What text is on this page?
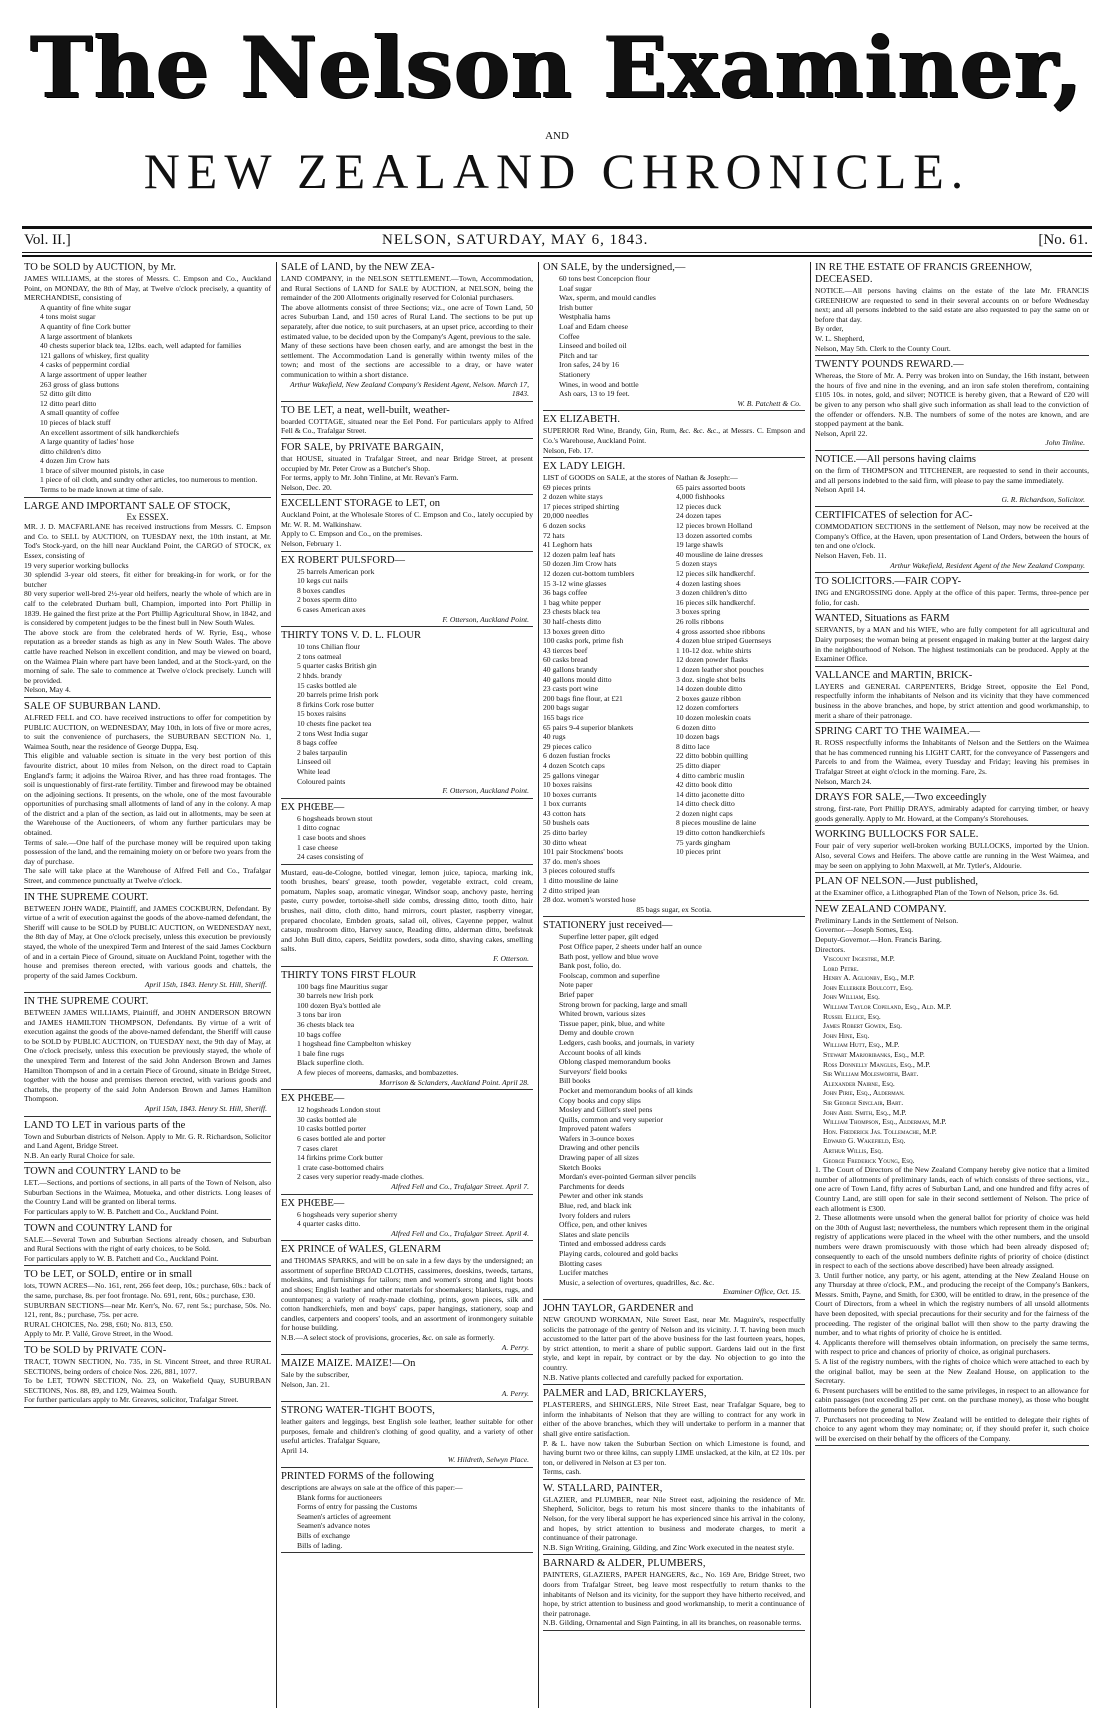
The Nelson Examiner,
AND
NEW ZEALAND CHRONICLE.
Vol. II.]	NELSON, SATURDAY, MAY 6, 1843.	[No. 61.
TO be SOLD by AUCTION, by Mr.

JAMES WILLIAMS, at the stores of Messrs. C. Empson and Co., Auckland Point, on MONDAY, the 8th of May, at Twelve o'clock precisely, a quantity of MERCHANDISE, consisting of

A quantity of fine white sugar

4 tons moist sugar

A quantity of fine Cork butter

A large assortment of blankets

40 chests superior black tea, 12lbs. each, well adapted for families

121 gallons of whiskey, first quality

4 casks of peppermint cordial

A large assortment of upper leather

263 gross of glass buttons

52 ditto gilt ditto

12 ditto pearl ditto

A small quantity of coffee

10 pieces of black stuff

An excellent assortment of silk handkerchiefs

A large quantity of ladies' hose

ditto children's ditto

4 dozen Jim Crow hats

1 brace of silver mounted pistols, in case

1 piece of oil cloth, and sundry other articles, too numerous to mention.

Terms to be made known at time of sale.

LARGE AND IMPORTANT SALE OF STOCK,

Ex ESSEX.

MR. J. D. MACFARLANE has received instructions from Messrs. C. Empson and Co. to SELL by AUCTION, on TUESDAY next, the 10th instant, at Mr. Tod's Stock-yard, on the hill near Auckland Point, the CARGO of STOCK, ex Essex, consisting of

19 very superior working bullocks

30 splendid 3-year old steers, fit either for breaking-in for work, or for the butcher

80 very superior well-bred 2½-year old heifers, nearly the whole of which are in calf to the celebrated Durham bull, Champion, imported into Port Phillip in 1839. He gained the first prize at the Port Phillip Agricultural Show, in 1842, and is considered by competent judges to be the finest bull in New South Wales.

The above stock are from the celebrated herds of W. Ryrie, Esq., whose reputation as a breeder stands as high as any in New South Wales. The above cattle have reached Nelson in excellent condition, and may be viewed on board, on the Waimea Plain where part have been landed, and at the Stock-yard, on the morning of sale. The sale to commence at Twelve o'clock precisely. Lunch will be provided.

Nelson, May 4.

SALE OF SUBURBAN LAND.

ALFRED FELL and CO. have received instructions to offer for competition by PUBLIC AUCTION, on WEDNESDAY, May 10th, in lots of five or more acres, to suit the convenience of purchasers, the SUBURBAN SECTION No. 1, Waimea South, near the residence of George Duppa, Esq.

This eligible and valuable section is situate in the very best portion of this favourite district, about 10 miles from Nelson, on the direct road to Captain England's farm; it adjoins the Wairoa River, and has three road frontages. The soil is unquestionably of first-rate fertility. Timber and firewood may be obtained on the adjoining sections. It presents, on the whole, one of the most favourable opportunities of purchasing small allotments of land of any in the colony. A map of the district and a plan of the section, as laid out in allotments, may be seen at the Warehouse of the Auctioneers, of whom any further particulars may be obtained.

Terms of sale.—One half of the purchase money will be required upon taking possession of the land, and the remaining moiety on or before two years from the day of purchase.

The sale will take place at the Warehouse of Alfred Fell and Co., Trafalgar Street, and commence punctually at Twelve o'clock.

IN THE SUPREME COURT.

BETWEEN JOHN WADE, Plaintiff, and JAMES COCKBURN, Defendant. By virtue of a writ of execution against the goods of the above-named defendant, the Sheriff will cause to be SOLD by PUBLIC AUCTION, on WEDNESDAY next, the 8th day of May, at One o'clock precisely, unless this execution be previously stayed, the whole of the unexpired Term and Interest of the said James Cockburn of and in a certain Piece of Ground, situate on Auckland Point, together with the house and premises thereon erected, with various goods and chattels, the property of the said James Cockburn.

April 15th, 1843. Henry St. Hill, Sheriff.

IN THE SUPREME COURT.

BETWEEN JAMES WILLIAMS, Plaintiff, and JOHN ANDERSON BROWN and JAMES HAMILTON THOMPSON, Defendants. By virtue of a writ of execution against the goods of the above-named defendant, the Sheriff will cause to be SOLD by PUBLIC AUCTION, on TUESDAY next, the 9th day of May, at One o'clock precisely, unless this execution be previously stayed, the whole of the unexpired Term and Interest of the said John Anderson Brown and James Hamilton Thompson of and in a certain Piece of Ground, situate in Bridge Street, together with the house and premises thereon erected, with various goods and chattels, the property of the said John Anderson Brown and James Hamilton Thompson.

April 15th, 1843. Henry St. Hill, Sheriff.

LAND TO LET in various parts of the

Town and Suburban districts of Nelson. Apply to Mr. G. R. Richardson, Solicitor and Land Agent, Bridge Street.

N.B. An early Rural Choice for sale.

TOWN and COUNTRY LAND to be

LET.—Sections, and portions of sections, in all parts of the Town of Nelson, also Suburban Sections in the Waimea, Motueka, and other districts. Long leases of the Country Land will be granted on liberal terms.

For particulars apply to W. B. Patchett and Co., Auckland Point.

TOWN and COUNTRY LAND for

SALE.—Several Town and Suburban Sections already chosen, and Suburban and Rural Sections with the right of early choices, to be Sold.

For particulars apply to W. B. Patchett and Co., Auckland Point.

TO be LET, or SOLD, entire or in small

lots, TOWN ACRES—No. 161, rent, 266 feet deep, 10s.; purchase, 60s.: back of the same, purchase, 8s. per foot frontage. No. 691, rent, 60s.; purchase, £30.

SUBURBAN SECTIONS—near Mr. Kerr's, No. 67, rent 5s.; purchase, 50s. No. 121, rent, 8s.; purchase, 75s. per acre.

RURAL CHOICES, No. 298, £60; No. 813, £50.

Apply to Mr. P. Vallé, Grove Street, in the Wood.

TO be SOLD by PRIVATE CON-

TRACT, TOWN SECTION, No. 735, in St. Vincent Street, and three RURAL SECTIONS, being orders of choice Nos. 226, 881, 1077.

To be LET, TOWN SECTION, No. 23, on Wakefield Quay, SUBURBAN SECTIONS, Nos. 88, 89, and 129, Waimea South.

For further particulars apply to Mr. Greaves, solicitor, Trafalgar Street.

SALE of LAND, by the NEW ZEA-

LAND COMPANY, in the NELSON SETTLEMENT.—Town, Accommodation, and Rural Sections of LAND for SALE by AUCTION, at NELSON, being the remainder of the 200 Allotments originally reserved for Colonial purchasers.

The above allotments consist of three Sections; viz., one acre of Town Land, 50 acres Suburban Land, and 150 acres of Rural Land. The sections to be put up separately, after due notice, to suit purchasers, at an upset price, according to their estimated value, to be decided upon by the Company's Agent, previous to the sale.

Many of these sections have been chosen early, and are amongst the best in the settlement. The Accommodation Land is generally within twenty miles of the town; and most of the sections are accessible to a dray, or have water communication to within a short distance.

Arthur Wakefield, New Zealand Company's Resident Agent, Nelson. March 17, 1843.

TO BE LET, a neat, well-built, weather-

boarded COTTAGE, situated near the Eel Pond. For particulars apply to Alfred Fell & Co., Trafalgar Street.

FOR SALE, by PRIVATE BARGAIN,

that HOUSE, situated in Trafalgar Street, and near Bridge Street, at present occupied by Mr. Peter Crow as a Butcher's Shop.

For terms, apply to Mr. John Tinline, at Mr. Revan's Farm.

Nelson, Dec. 20.

EXCELLENT STORAGE to LET, on

Auckland Point, at the Wholesale Stores of C. Empson and Co., lately occupied by Mr. W. R. M. Walkinshaw.

Apply to C. Empson and Co., on the premises.

Nelson, February 1.

EX ROBERT PULSFORD—

25 barrels American pork

10 kegs cut nails

8 boxes candles

2 boxes sperm ditto

6 cases American axes

F. Otterson, Auckland Point.

THIRTY TONS V. D. L. FLOUR

10 tons Chilian flour

2 tons oatmeal

5 quarter casks British gin

2 hhds. brandy

15 casks bottled ale

20 barrels prime Irish pork

8 firkins Cork rose butter

15 boxes raisins

10 chests fine packet tea

2 tons West India sugar

8 bags coffee

2 bales tarpaulin

Linseed oil

White lead

Coloured paints

F. Otterson, Auckland Point.

EX PHŒBE—

6 hogsheads brown stout

1 ditto cognac

1 case boots and shoes

1 case cheese

24 cases consisting of

Mustard, eau-de-Cologne, bottled vinegar, lemon juice, tapioca, marking ink, tooth brushes, bears' grease, tooth powder, vegetable extract, cold cream, pomatum, Naples soap, aromatic vinegar, Windsor soap, anchovy paste, herring paste, curry powder, tortoise-shell side combs, dressing ditto, tooth ditto, hair brushes, nail ditto, cloth ditto, hand mirrors, court plaster, raspberry vinegar, prepared chocolate, Embden groats, salad oil, olives, Cayenne pepper, walnut catsup, mushroom ditto, Harvey sauce, Reading ditto, alderman ditto, beefsteak and John Bull ditto, capers, Seidlitz powders, soda ditto, shaving cakes, smelling salts.

F. Otterson.

THIRTY TONS FIRST FLOUR

100 bags fine Mauritius sugar

30 barrels new Irish pork

100 dozen Bya's bottled ale

3 tons bar iron

36 chests black tea

10 bags coffee

1 hogshead fine Campbelton whiskey

1 bale fine rugs

Black superfine cloth.

A few pieces of moreens, damasks, and bombazettes.

Morrison & Sclanders, Auckland Point. April 28.

EX PHŒBE—

12 hogsheads London stout

30 casks bottled ale

10 casks bottled porter

6 cases bottled ale and porter

7 cases claret

14 firkins prime Cork butter

1 crate case-bottomed chairs

2 cases very superior ready-made clothes.

Alfred Fell and Co., Trafalgar Street. April 7.

EX PHŒBE—

6 hogsheads very superior sherry

4 quarter casks ditto.

Alfred Fell and Co., Trafalgar Street. April 4.

EX PRINCE of WALES, GLENARM

and THOMAS SPARKS, and will be on sale in a few days by the undersigned; an assortment of superfine BROAD CLOTHS, cassimeres, doeskins, tweeds, tartans, moleskins, and furnishings for tailors; men and women's strong and light boots and shoes; English leather and other materials for shoemakers; blankets, rugs, and counterpanes; a variety of ready-made clothing, prints, gown pieces, silk and cotton handkerchiefs, men and boys' caps, paper hangings, stationery, soap and candles, carpenters and coopers' tools, and an assortment of ironmongery suitable for house building.

N.B.—A select stock of provisions, groceries, &c. on sale as formerly.

A. Perry.

MAIZE MAIZE. MAIZE!—On

Sale by the subscriber,

Nelson, Jan. 21.

A. Perry.

STRONG WATER-TIGHT BOOTS,

leather gaiters and leggings, best English sole leather, leather suitable for other purposes, female and children's clothing of good quality, and a variety of other useful articles. Trafalgar Square,

April 14.

W. Hildreth, Selwyn Place.

PRINTED FORMS of the following

descriptions are always on sale at the office of this paper:—

Blank forms for auctioneers

Forms of entry for passing the Customs

Seamen's articles of agreement

Seamen's advance notes

Bills of exchange

Bills of lading.

ON SALE, by the undersigned,—

60 tons best Concepcion flour

Loaf sugar

Wax, sperm, and mould candles

Irish butter

Westphalia hams

Loaf and Edam cheese

Coffee

Linseed and boiled oil

Pitch and tar

Iron safes, 24 by 16

Stationery

Wines, in wood and bottle

Ash oars, 13 to 19 feet.

W. B. Patchett & Co.

EX ELIZABETH.

SUPERIOR Red Wine, Brandy, Gin, Rum, &c. &c. &c., at Messrs. C. Empson and Co.'s Warehouse, Auckland Point.

Nelson, Feb. 17.

EX LADY LEIGH.

LIST of GOODS on SALE, at the stores of Nathan & Joseph:—

69 pieces prints

2 dozen white stays

17 pieces striped shirting

20,000 needles

6 dozen socks

72 hats

41 Leghorn hats

12 dozen palm leaf hats

50 dozen Jim Crow hats

12 dozen cut-bottom tumblers

15 3-12 wine glasses

36 bags coffee

1 bag white pepper

23 chests black tea

30 half-chests ditto

13 boxes green ditto

100 casks pork, prime fish

43 tierces beef

60 casks bread

40 gallons brandy

40 gallons mould ditto

23 casts port wine

200 bags fine flour, at £21

200 bags sugar

165 bags rice

65 pairs 9-4 superior blankets

40 rugs

29 pieces calico

6 dozen fustian frocks

4 dozen Scotch caps

25 gallons vinegar

10 boxes raisins

10 boxes currants

1 box currants

43 cotton hats

50 bushels oats

25 ditto barley

30 ditto wheat

101 pair Stockmens' boots

37 do. men's shoes

3 pieces coloured stuffs

1 ditto mousline de laine

2 ditto striped jean

28 doz. women's worsted hose

65 pairs assorted boots

4,000 fishhooks

12 pieces duck

24 dozen tapes

12 pieces brown Holland

13 dozen assorted combs

19 large shawls

40 mousline de laine dresses

5 dozen stays

12 pieces silk handkerchf.

4 dozen lasting shoes

3 dozen children's ditto

16 pieces silk handkerchf.

3 boxes spring

26 rolls ribbons

4 gross assorted shoe ribbons

4 dozen blue striped Guernseys

1 10-12 doz. white shirts

12 dozen powder flasks

1 dozen leather shot pouches

3 doz. single shot belts

14 dozen double ditto

2 boxes gauze ribbon

12 dozen comforters

10 dozen moleskin coats

6 dozen ditto

10 dozen bags

8 ditto lace

22 ditto bobbin quilling

25 ditto diaper

4 ditto cambric muslin

42 ditto book ditto

14 ditto jaconette ditto

14 ditto check ditto

2 dozen night caps

8 pieces mousline de laine

19 ditto cotton handkerchiefs

75 yards gingham

10 pieces print

85 bags sugar, ex Scotia.

STATIONERY just received—

Superfine letter paper, gilt edged

Post Office paper, 2 sheets under half an ounce

Bath post, yellow and blue wove

Bank post, folio, do.

Foolscap, common and superfine

Note paper

Brief paper

Strong brown for packing, large and small

Whited brown, various sizes

Tissue paper, pink, blue, and white

Demy and double crown

Ledgers, cash books, and journals, in variety

Account books of all kinds

Oblong clasped memorandum books

Surveyors' field books

Bill books

Pocket and memorandum books of all kinds

Copy books and copy slips

Mosley and Gillott's steel pens

Quills, common and very superior

Improved patent wafers

Wafers in 3-ounce boxes

Drawing and other pencils

Drawing paper of all sizes

Sketch Books

Mordan's ever-pointed German silver pencils

Parchments for deeds

Pewter and other ink stands

Blue, red, and black ink

Ivory folders and rulers

Office, pen, and other knives

Slates and slate pencils

Tinted and embossed address cards

Playing cards, coloured and gold backs

Blotting cases

Lucifer matches

Music, a selection of overtures, quadrilles, &c. &c.

Examiner Office, Oct. 15.

JOHN TAYLOR, GARDENER and

NEW GROUND WORKMAN, Nile Street East, near Mr. Maguire's, respectfully solicits the patronage of the gentry of Nelson and its vicinity. J. T. having been much accustomed to the latter part of the above business for the last fourteen years, hopes, by strict attention, to merit a share of public support. Gardens laid out in the first style, and kept in repair, by contract or by the day. No objection to go into the country.

N.B. Native plants collected and carefully packed for exportation.

PALMER and LAD, BRICKLAYERS,

PLASTERERS, and SHINGLERS, Nile Street East, near Trafalgar Square, beg to inform the inhabitants of Nelson that they are willing to contract for any work in either of the above branches, which they will undertake to perform in a manner that shall give entire satisfaction.

P. & L. have now taken the Suburban Section on which Limestone is found, and having burnt two or three kilns, can supply LIME unslacked, at the kiln, at £2 10s. per ton, or delivered in Nelson at £3 per ton.

Terms, cash.

W. STALLARD, PAINTER,

GLAZIER, and PLUMBER, near Nile Street east, adjoining the residence of Mr. Shepherd, Solicitor, begs to return his most sincere thanks to the inhabitants of Nelson, for the very liberal support he has experienced since his arrival in the colony, and hopes, by strict attention to business and moderate charges, to merit a continuance of their patronage.

N.B. Sign Writing, Graining, Gilding, and Zinc Work executed in the neatest style.

BARNARD & ALDER, PLUMBERS,

PAINTERS, GLAZIERS, PAPER HANGERS, &c., No. 169 Are, Bridge Street, two doors from Trafalgar Street, beg leave most respectfully to return thanks to the inhabitants of Nelson and its vicinity, for the support they have hitherto received, and hope, by strict attention to business and good workmanship, to merit a continuance of their patronage.

N.B. Gilding, Ornamental and Sign Painting, in all its branches, on reasonable terms.

IN RE THE ESTATE OF FRANCIS GREENHOW, DECEASED.

NOTICE.—All persons having claims on the estate of the late Mr. FRANCIS GREENHOW are requested to send in their several accounts on or before Wednesday next; and all persons indebted to the said estate are also requested to pay the same on or before that day.

By order,

W. L. Shepherd,

Nelson, May 5th. Clerk to the County Court.

TWENTY POUNDS REWARD.—

Whereas, the Store of Mr. A. Perry was broken into on Sunday, the 16th instant, between the hours of five and nine in the evening, and an iron safe stolen therefrom, containing £105 10s. in notes, gold, and silver; NOTICE is hereby given, that a Reward of £20 will be given to any person who shall give such information as shall lead to the conviction of the offender or offenders. N.B. The numbers of some of the notes are known, and are stopped payment at the bank.

Nelson, April 22.

John Tinline.

NOTICE.—All persons having claims

on the firm of THOMPSON and TITCHENER, are requested to send in their accounts, and all persons indebted to the said firm, will please to pay the same immediately.

Nelson April 14.

G. R. Richardson, Solicitor.

CERTIFICATES of selection for AC-

COMMODATION SECTIONS in the settlement of Nelson, may now be received at the Company's Office, at the Haven, upon presentation of Land Orders, between the hours of ten and one o'clock.

Nelson Haven, Feb. 11.

Arthur Wakefield, Resident Agent of the New Zealand Company.

TO SOLICITORS.—FAIR COPY-

ING and ENGROSSING done. Apply at the office of this paper. Terms, three-pence per folio, for cash.

WANTED, Situations as FARM

SERVANTS, by a MAN and his WIFE, who are fully competent for all agricultural and Dairy purposes; the woman being at present engaged in making butter at the largest dairy in the neighbourhood of Nelson. The highest testimonials can be produced. Apply at the Examiner Office.

VALLANCE and MARTIN, BRICK-

LAYERS and GENERAL CARPENTERS, Bridge Street, opposite the Eel Pond, respectfully inform the inhabitants of Nelson and its vicinity that they have commenced business in the above branches, and hope, by strict attention and good workmanship, to merit a share of their patronage.

SPRING CART TO THE WAIMEA.—

R. ROSS respectfully informs the Inhabitants of Nelson and the Settlers on the Waimea that he has commenced running his LIGHT CART, for the conveyance of Passengers and Parcels to and from the Waimea, every Tuesday and Friday; leaving his premises in Trafalgar Street at eight o'clock in the morning. Fare, 2s.

Nelson, March 24.

DRAYS FOR SALE,—Two exceedingly

strong, first-rate, Port Phillip DRAYS, admirably adapted for carrying timber, or heavy goods generally. Apply to Mr. Howard, at the Company's Storehouses.

WORKING BULLOCKS FOR SALE.

Four pair of very superior well-broken working BULLOCKS, imported by the Union. Also, several Cows and Heifers. The above cattle are running in the West Waimea, and may be seen on applying to John Maxwell, at Mr. Tytler's, Aldourie.

PLAN OF NELSON.—Just published,

at the Examiner office, a Lithographed Plan of the Town of Nelson, price 3s. 6d.

NEW ZEALAND COMPANY.

Preliminary Lands in the Settlement of Nelson.

Governor.—Joseph Somes, Esq.

Deputy-Governor.—Hon. Francis Baring.

Directors.

Viscount Ingestre, M.P.

Lord Petre.

Henry A. Aglionby, Esq., M.P.

John Ellerker Boulcott, Esq.

John William, Esq.

William Taylor Copeland, Esq., Ald. M.P.

Russel Ellice, Esq.

James Robert Gowen, Esq.

John Hine, Esq.

William Hutt, Esq., M.P.

Stewart Marjoribanks, Esq., M.P.

Ross Donnelly Mangles, Esq., M.P.

Sir William Molesworth, Bart.

Alexander Nairne, Esq.

John Pirie, Esq., Alderman.

Sir George Sinclair, Bart.

John Abel Smith, Esq., M.P.

William Thompson, Esq., Alderman, M.P.

Hon. Frederick Jas. Tollemache, M.P.

Edward G. Wakefield, Esq.

Arthur Willis, Esq.

George Frederick Young, Esq.

1. The Court of Directors of the New Zealand Company hereby give notice that a limited number of allotments of preliminary lands, each of which consists of three sections, viz., one acre of Town Land, fifty acres of Suburban Land, and one hundred and fifty acres of Country Land, are still open for sale in their second settlement of Nelson. The price of each allotment is £300.

2. These allotments were unsold when the general ballot for priority of choice was held on the 30th of August last; nevertheless, the numbers which represent them in the original registry of applications were placed in the wheel with the other numbers, and the unsold numbers were drawn promiscuously with those which had been already disposed of; consequently to each of the unsold numbers definite rights of priority of choice (distinct in respect to each of the sections above described) have been already assigned.

3. Until further notice, any party, or his agent, attending at the New Zealand House on any Thursday at three o'clock, P.M., and producing the receipt of the Company's Bankers, Messrs. Smith, Payne, and Smith, for £300, will be entitled to draw, in the presence of the Court of Directors, from a wheel in which the registry numbers of all unsold allotments have been deposited, with special precautions for their security and for the fairness of the proceeding. The register of the original ballot will then show to the party drawing the number, and to what rights of priority of choice he is entitled.

4. Applicants therefore will themselves obtain information, on precisely the same terms, with respect to price and chances of priority of choice, as original purchasers.

5. A list of the registry numbers, with the rights of choice which were attached to each by the original ballot, may be seen at the New Zealand House, on application to the Secretary.

6. Present purchasers will be entitled to the same privileges, in respect to an allowance for cabin passages (not exceeding 25 per cent. on the purchase money), as those who bought allotments before the general ballot.

7. Purchasers not proceeding to New Zealand will be entitled to delegate their rights of choice to any agent whom they may nominate; or, if they should prefer it, such choice will be exercised on their behalf by the officers of the Company.
